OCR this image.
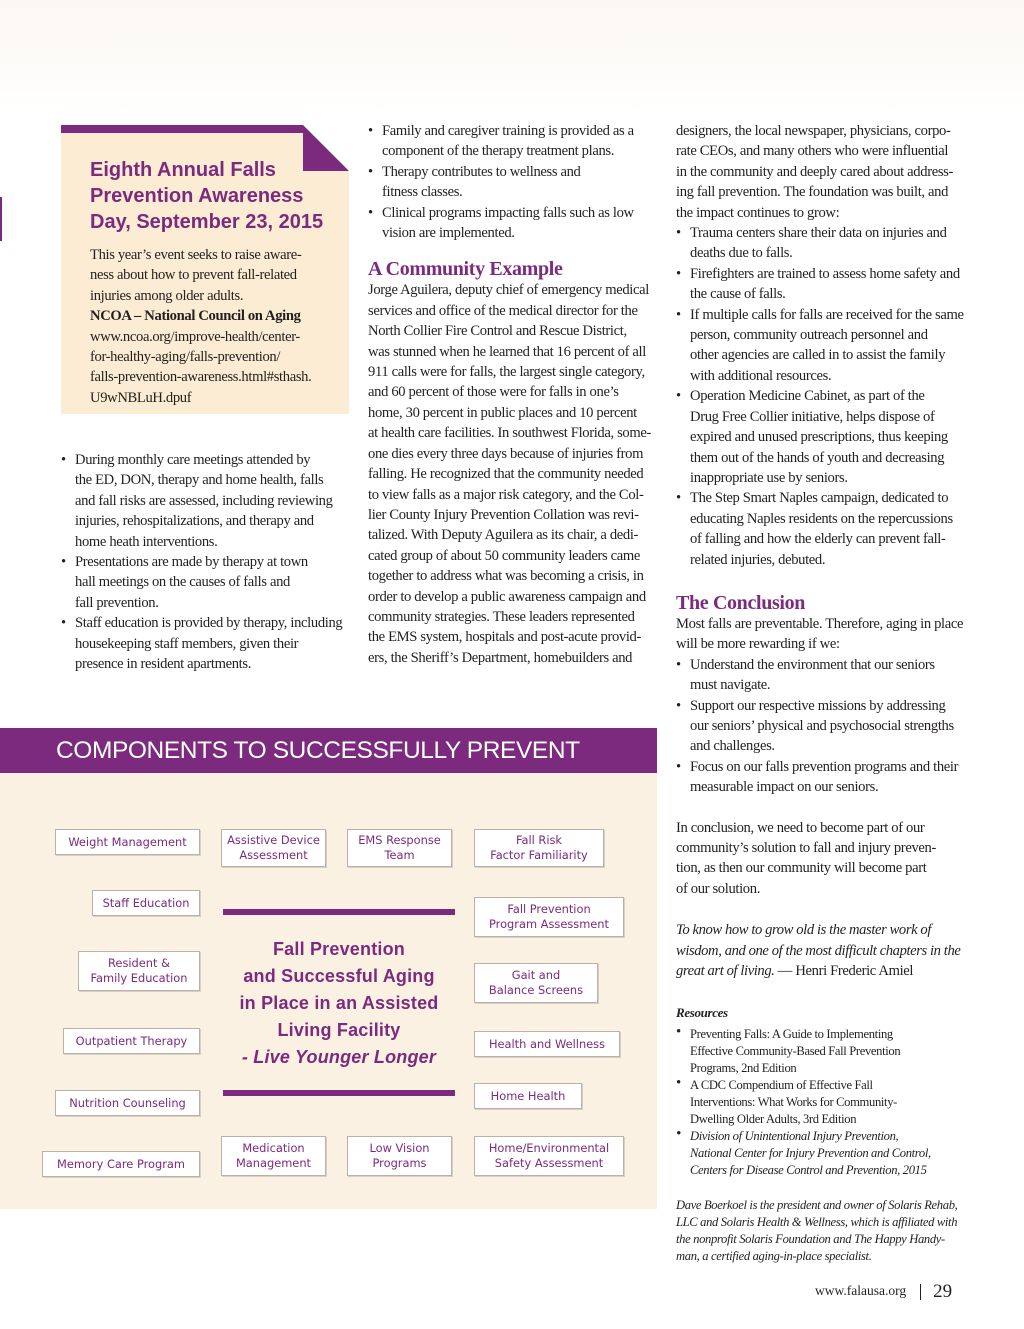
Eighth Annual Falls
Prevention Awareness
Day, September 23, 2015
This year’s event seeks to raise aware-
ness about how to prevent fall-related
injuries among older adults.
NCOA – National Council on Aging
www.ncoa.org/improve-health/center-
for-healthy-aging/falls-prevention/
falls-prevention-awareness.html#sthash.
U9wNBLuH.dpuf
• During monthly care meetings attended by
the ED, DON, therapy and home health, falls
and fall risks are assessed, including reviewing
injuries, rehospitalizations, and therapy and
home heath interventions.
• Presentations are made by therapy at town
hall meetings on the causes of falls and
fall prevention.
• Staff education is provided by therapy, including
housekeeping staff members, given their
presence in resident apartments.
• Family and caregiver training is provided as a
component of the therapy treatment plans.
• Therapy contributes to wellness and
fitness classes.
• Clinical programs impacting falls such as low
vision are implemented.
A Community Example
Jorge Aguilera, deputy chief of emergency medical
services and office of the medical director for the
North Collier Fire Control and Rescue District,
was stunned when he learned that 16 percent of all
911 calls were for falls, the largest single category,
and 60 percent of those were for falls in one’s
home, 30 percent in public places and 10 percent
at health care facilities. In southwest Florida, some-
one dies every three days because of injuries from
falling. He recognized that the community needed
to view falls as a major risk category, and the Col-
lier County Injury Prevention Collation was revi-
talized. With Deputy Aguilera as its chair, a dedi-
cated group of about 50 community leaders came
together to address what was becoming a crisis, in
order to develop a public awareness campaign and
community strategies. These leaders represented
the EMS system, hospitals and post-acute provid-
ers, the Sheriff’s Department, homebuilders and
designers, the local newspaper, physicians, corpo-
rate CEOs, and many others who were influential
in the community and deeply cared about address-
ing fall prevention. The foundation was built, and
the impact continues to grow:
• Trauma centers share their data on injuries and
deaths due to falls.
• Firefighters are trained to assess home safety and
the cause of falls.
• If multiple calls for falls are received for the same
person, community outreach personnel and
other agencies are called in to assist the family
with additional resources.
• Operation Medicine Cabinet, as part of the
Drug Free Collier initiative, helps dispose of
expired and unused prescriptions, thus keeping
them out of the hands of youth and decreasing
inappropriate use by seniors.
• The Step Smart Naples campaign, dedicated to
educating Naples residents on the repercussions
of falling and how the elderly can prevent fall-
related injuries, debuted.
The Conclusion
Most falls are preventable. Therefore, aging in place
will be more rewarding if we:
• Understand the environment that our seniors
must navigate.
• Support our respective missions by addressing
our seniors’ physical and psychosocial strengths
and challenges.
• Focus on our falls prevention programs and their
measurable impact on our seniors.
In conclusion, we need to become part of our
community’s solution to fall and injury preven-
tion, as then our community will become part
of our solution.
To know how to grow old is the master work of
wisdom, and one of the most difficult chapters in the
great art of living. — Henri Frederic Amiel
Resources
• Preventing Falls: A Guide to Implementing
Effective Community-Based Fall Prevention
Programs, 2nd Edition
• A CDC Compendium of Effective Fall
Interventions: What Works for Community-
Dwelling Older Adults, 3rd Edition
• Division of Unintentional Injury Prevention,
National Center for Injury Prevention and Control,
Centers for Disease Control and Prevention, 2015
Dave Boerkoel is the president and owner of Solaris Rehab,
LLC and Solaris Health & Wellness, which is affiliated with
the nonprofit Solaris Foundation and The Happy Handy-
man, a certified aging-in-place specialist.
COMPONENTS TO SUCCESSFULLY PREVENT
Weight Management	Assistive Device
Assessment
EMS Response
Team
Fall Risk
Factor Familiarity
Staff Education	Fall Prevention
Program Assessment
Fall Prevention
and Successful Aging
in Place in an Assisted
Living Facility
- Live Younger Longer
Resident &
Family Education	Gait and
Balance Screens
Outpatient Therapy	Health and Wellness
Nutrition Counseling	Home Health
Memory Care Program
Medication
Management
Low Vision
Programs
Home/Environmental
Safety Assessment
www.falausa.org 29
